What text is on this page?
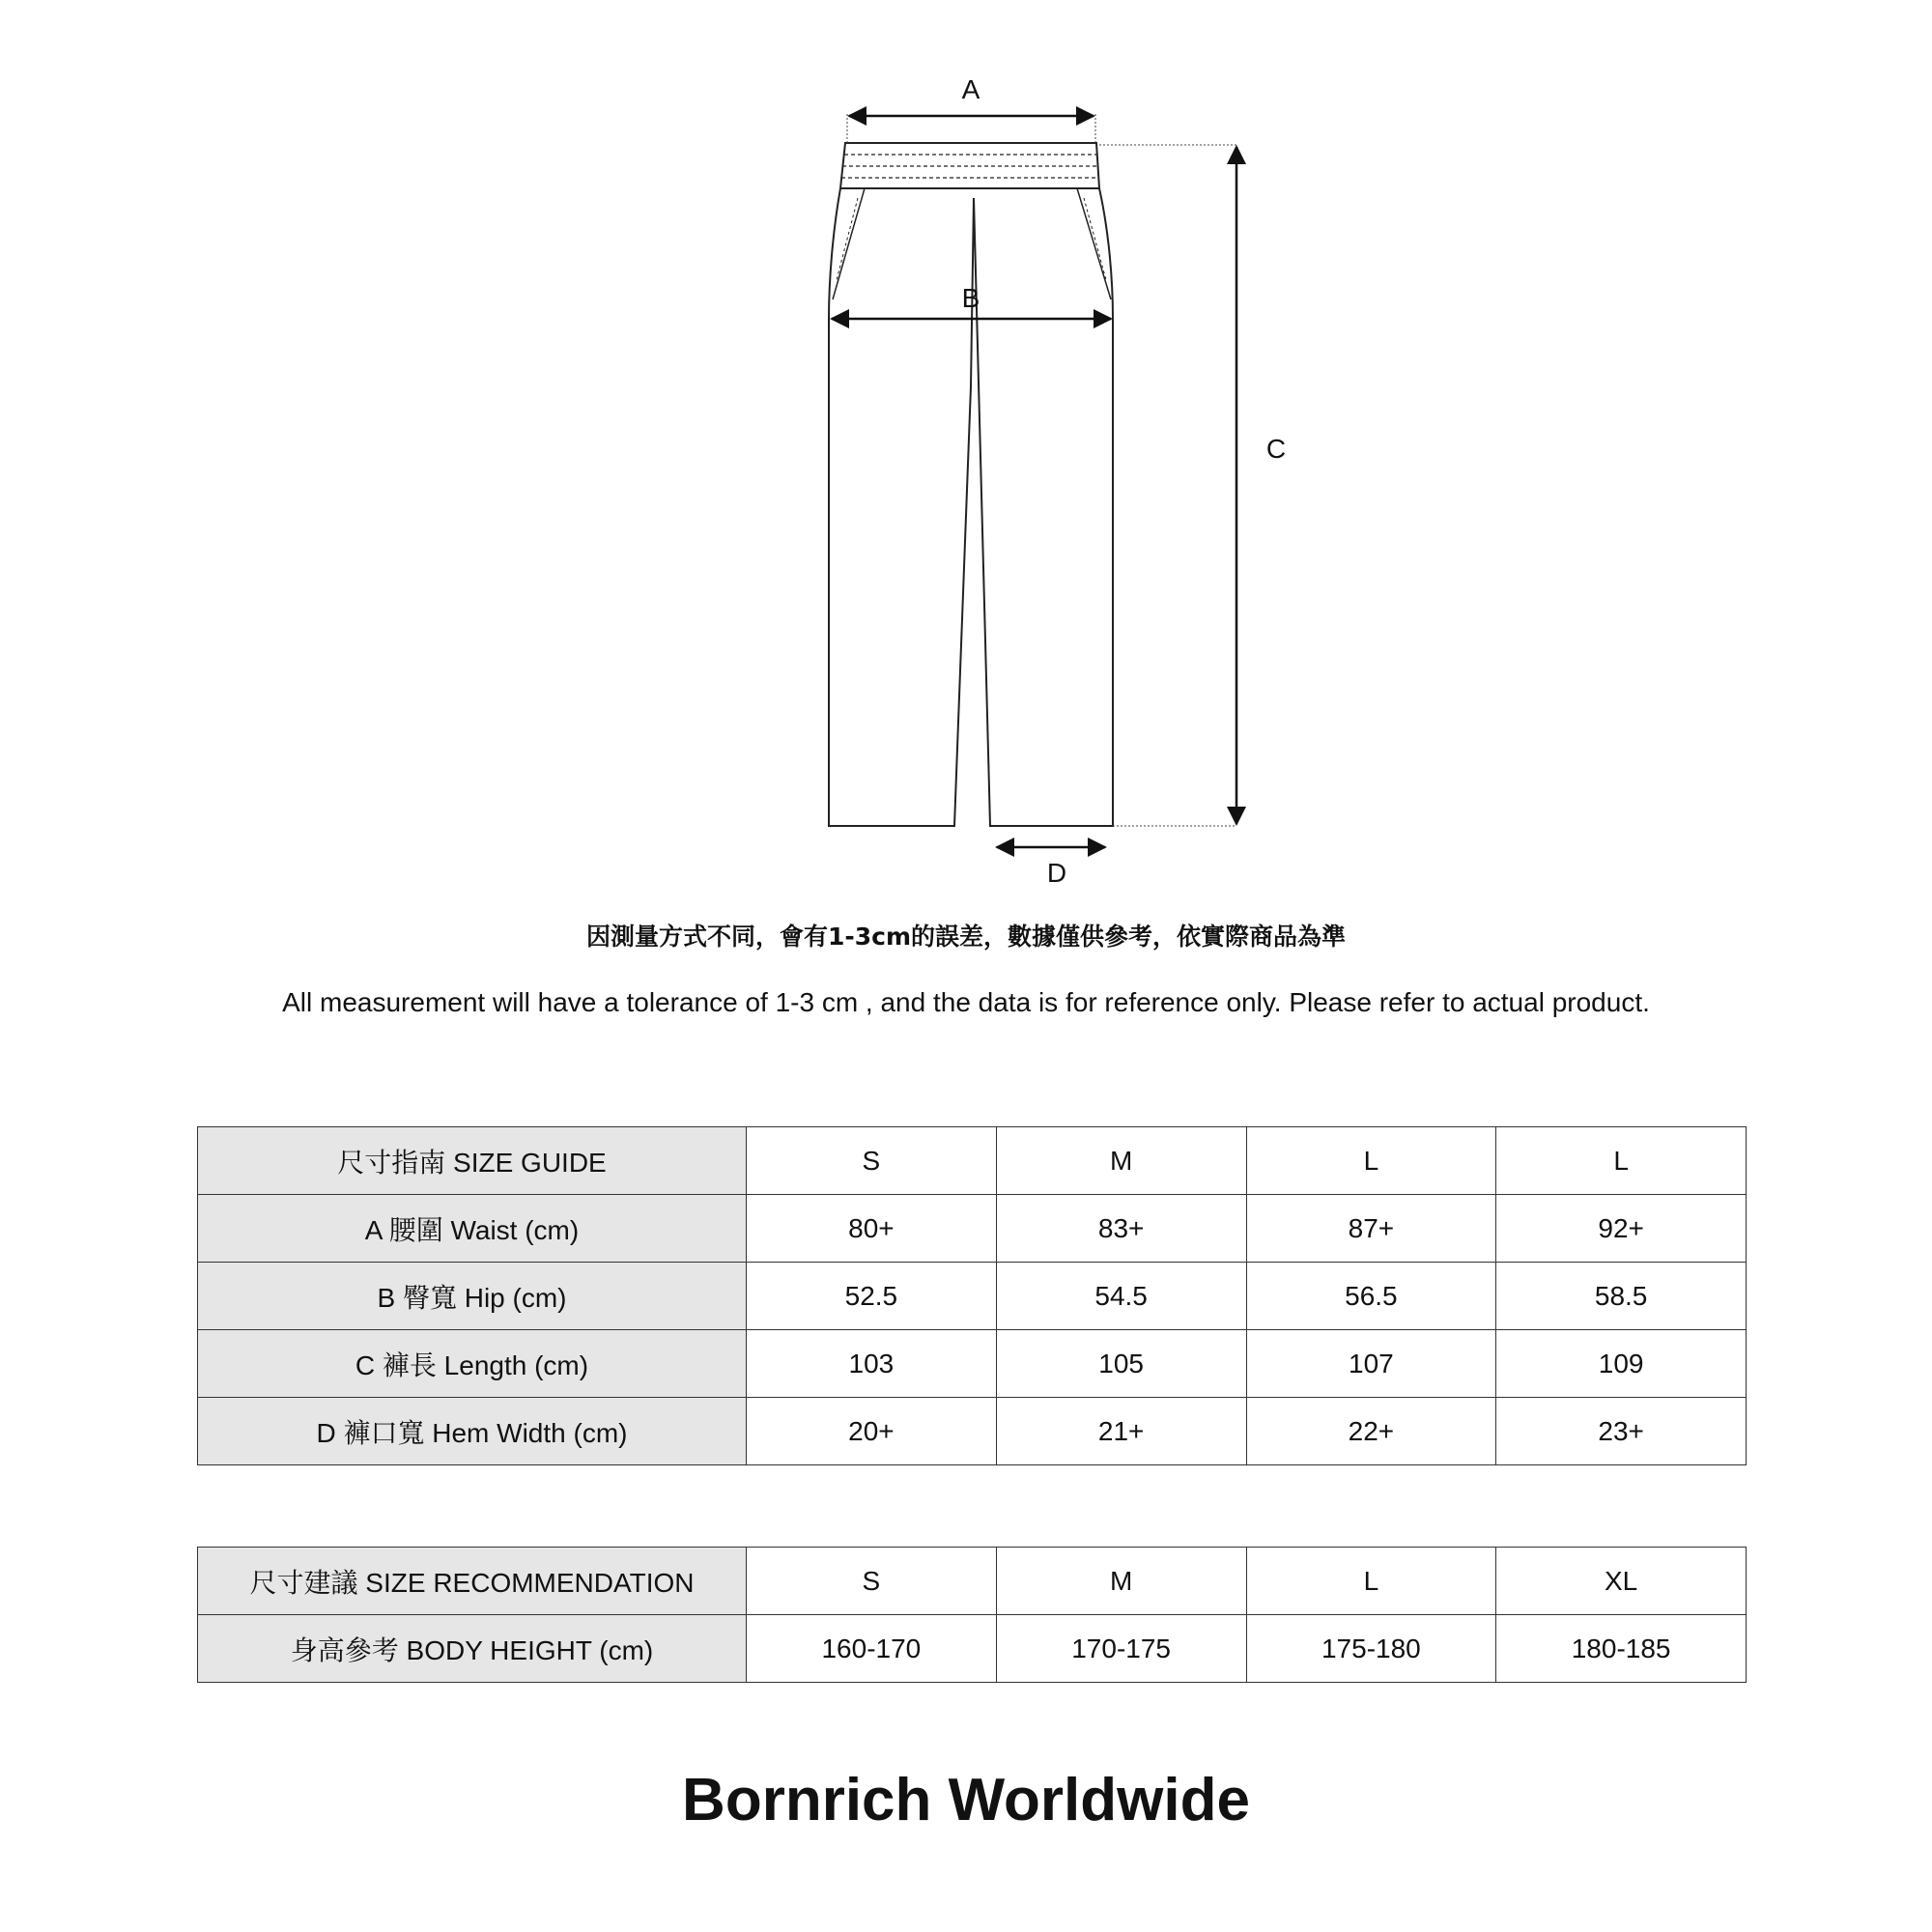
A
B
C
D
因測量方式不同，會有1-3cm的誤差，數據僅供參考，依實際商品為準
All measurement will have a tolerance of 1-3 cm , and the data is for reference only. Please refer to actual product.
尺寸指南 SIZE GUIDE	S	M	L	L
A 腰圍 Waist (cm)	80+	83+	87+	92+
B 臀寬 Hip (cm)	52.5	54.5	56.5	58.5
C 褲長 Length (cm)	103	105	107	109
D 褲口寬 Hem Width (cm)	20+	21+	22+	23+
尺寸建議 SIZE RECOMMENDATION	S	M	L	XL
身高參考 BODY HEIGHT (cm)	160-170	170-175	175-180	180-185
Bornrich Worldwide
